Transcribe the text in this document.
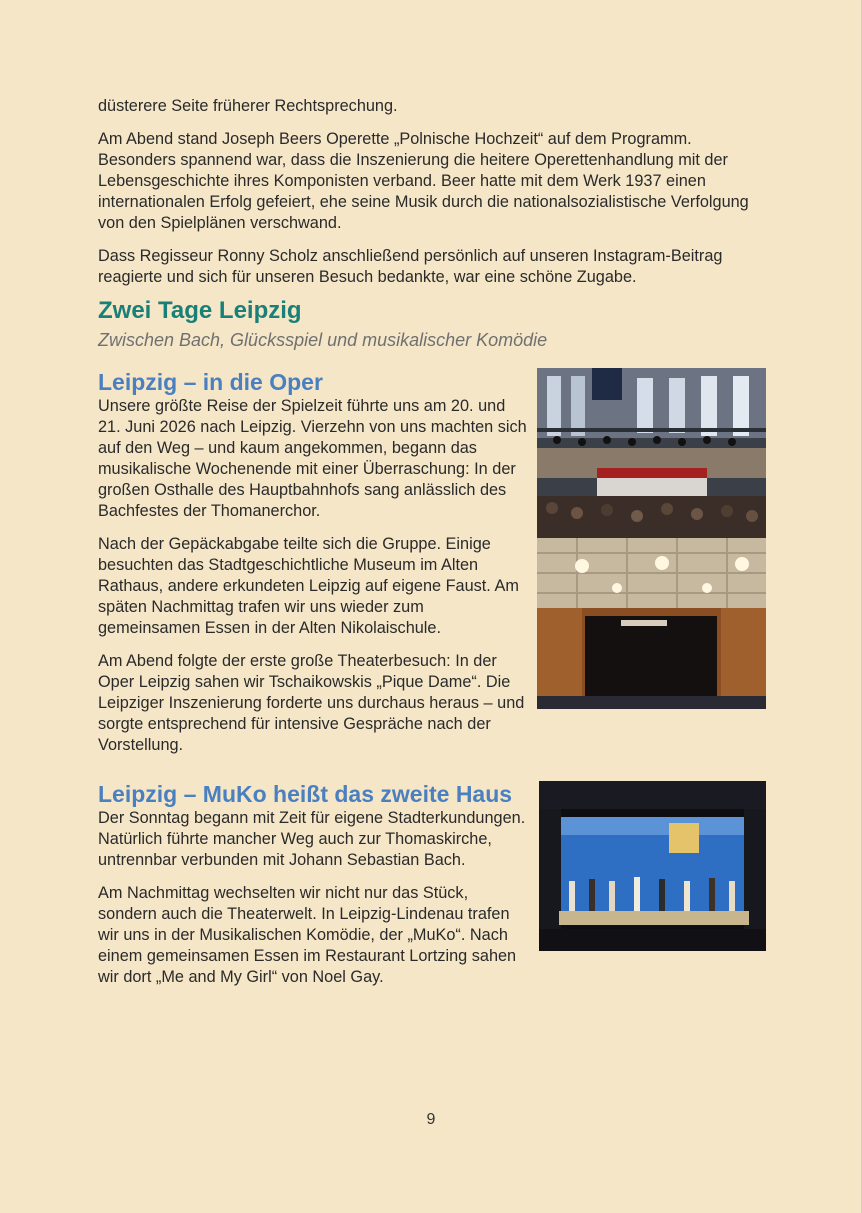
düsterere Seite früherer Rechtsprechung.

Am Abend stand Joseph Beers Operette „Polnische Hochzeit“ auf dem Programm. Besonders spannend war, dass die Inszenierung die heitere Operettenhandlung mit der Lebensgeschichte ihres Komponisten verband. Beer hatte mit dem Werk 1937 einen internationalen Erfolg gefeiert, ehe seine Musik durch die nationalsozialistische Verfolgung von den Spielplänen verschwand.

Dass Regisseur Ronny Scholz anschließend persönlich auf unseren Instagram-Beitrag reagierte und sich für unseren Besuch bedankte, war eine schöne Zugabe.

Zwei Tage Leipzig
Zwischen Bach, Glücksspiel und musikalischer Komödie
Leipzig – in die Oper

Unsere größte Reise der Spielzeit führte uns am 20. und 21. Juni 2026 nach Leipzig. Vierzehn von uns machten sich auf den Weg – und kaum angekommen, begann das musikalische Wochenende mit einer Überraschung: In der großen Osthalle des Hauptbahnhofs sang anlässlich des Bachfestes der Thomanerchor.

Nach der Gepäckabgabe teilte sich die Gruppe. Einige besuchten das Stadtgeschichtliche Museum im Alten Rathaus, andere erkundeten Leipzig auf eigene Faust. Am späten Nachmittag trafen wir uns wieder zum gemeinsamen Essen in der Alten Nikolaischule.

Am Abend folgte der erste große Theaterbesuch: In der Oper Leipzig sahen wir Tschaikowskis „Pique Dame“. Die Leipziger Inszenierung forderte uns durchaus heraus – und sorgte entsprechend für intensive Gespräche nach der Vorstellung.

Leipzig – MuKo heißt das zweite Haus

Der Sonntag begann mit Zeit für eigene Stadterkundungen. Natürlich führte mancher Weg auch zur Thomaskirche, untrennbar verbunden mit Johann Sebastian Bach.

Am Nachmittag wechselten wir nicht nur das Stück, sondern auch die Theaterwelt. In Leipzig-Lindenau trafen wir uns in der Musikalischen Komödie, der „MuKo“. Nach einem gemeinsamen Essen im Restaurant Lortzing sahen wir dort „Me and My Girl“ von Noel Gay.

9
